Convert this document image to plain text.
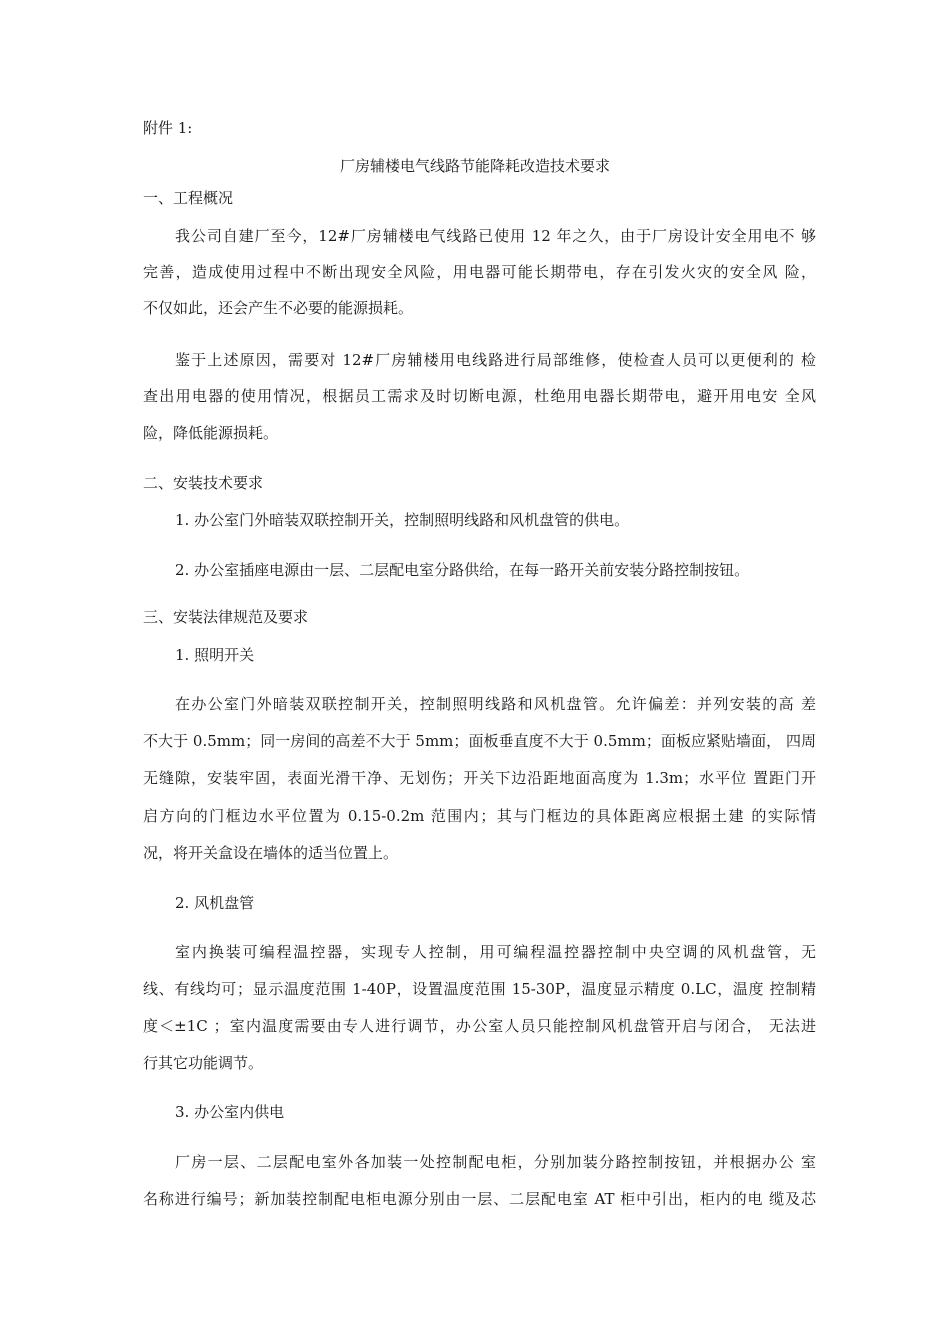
附件 1:
厂房辅楼电气线路节能降耗改造技术要求
一、工程概况
我公司自建厂至今，12#厂房辅楼电气线路已使用 12 年之久，由于厂房设计安全用电不 够
完善，造成使用过程中不断出现安全风险，用电器可能长期带电，存在引发火灾的安全风 险，
不仅如此，还会产生不必要的能源损耗。
鉴于上述原因，需要对 12#厂房辅楼用电线路进行局部维修，使检查人员可以更便利的 检
查出用电器的使用情况，根据员工需求及时切断电源，杜绝用电器长期带电，避开用电安 全风
险，降低能源损耗。
二、安装技术要求
1. 办公室门外暗装双联控制开关，控制照明线路和风机盘管的供电。
2. 办公室插座电源由一层、二层配电室分路供给，在每一路开关前安装分路控制按钮。
三、安装法律规范及要求
1. 照明开关
在办公室门外暗装双联控制开关，控制照明线路和风机盘管。允许偏差：并列安装的高 差
不大于 0.5mm；同一房间的高差不大于 5mm；面板垂直度不大于 0.5mm；面板应紧贴墙面， 四周
无缝隙，安装牢固，表面光滑干净、无划伤；开关下边沿距地面高度为 1.3m；水平位 置距门开
启方向的门框边水平位置为 0.15-0.2m 范围内；其与门框边的具体距离应根据土建 的实际情
况，将开关盒设在墙体的适当位置上。
2. 风机盘管
室内换装可编程温控器，实现专人控制，用可编程温控器控制中央空调的风机盘管，无
线、有线均可；显示温度范围 1-40P，设置温度范围 15-30P，温度显示精度 0.LC，温度 控制精
度＜±1C ；室内温度需要由专人进行调节，办公室人员只能控制风机盘管开启与闭合， 无法进
行其它功能调节。
3. 办公室内供电
厂房一层、二层配电室外各加装一处控制配电柜，分别加装分路控制按钮，并根据办公 室
名称进行编号；新加装控制配电柜电源分别由一层、二层配电室 AT 柜中引出，柜内的电 缆及芯
